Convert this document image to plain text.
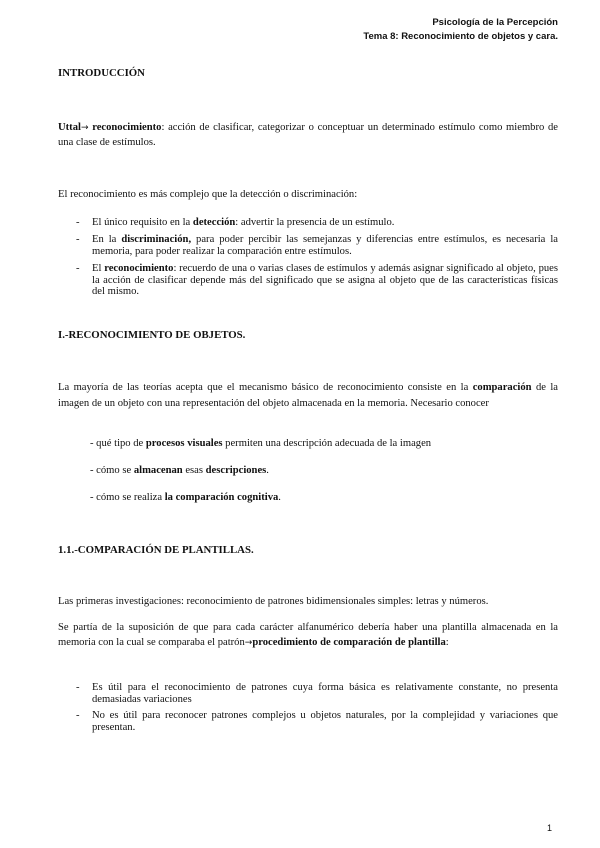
Psicología de la Percepción
Tema 8: Reconocimiento de objetos y cara.
INTRODUCCIÓN
Uttal→ reconocimiento: acción de clasificar, categorizar o conceptuar un determinado estímulo como miembro de una clase de estímulos.
El reconocimiento es más complejo que la detección o discriminación:
- El único requisito en la detección: advertir la presencia de un estímulo.
- En la discriminación, para poder percibir las semejanzas y diferencias entre estímulos, es necesaria la memoria, para poder realizar la comparación entre estímulos.
- El reconocimiento: recuerdo de una o varias clases de estímulos y además asignar significado al objeto, pues la acción de clasificar depende más del significado que se asigna al objeto que de las características físicas del mismo.
I.-RECONOCIMIENTO DE OBJETOS.
La mayoría de las teorías acepta que el mecanismo básico de reconocimiento consiste en la comparación de la imagen de un objeto con una representación del objeto almacenada en la memoria. Necesario conocer
- qué tipo de procesos visuales permiten una descripción adecuada de la imagen
- cómo se almacenan esas descripciones.
- cómo se realiza la comparación cognitiva.
1.1.-COMPARACIÓN DE PLANTILLAS.
Las primeras investigaciones: reconocimiento de patrones bidimensionales simples: letras y números.
Se partía de la suposición de que para cada carácter alfanumérico debería haber una plantilla almacenada en la memoria con la cual se comparaba el patrón→procedimiento de comparación de plantilla:
- Es útil para el reconocimiento de patrones cuya forma básica es relativamente constante, no presenta demasiadas variaciones
- No es útil para reconocer patrones complejos u objetos naturales, por la complejidad y variaciones que presentan.
1
